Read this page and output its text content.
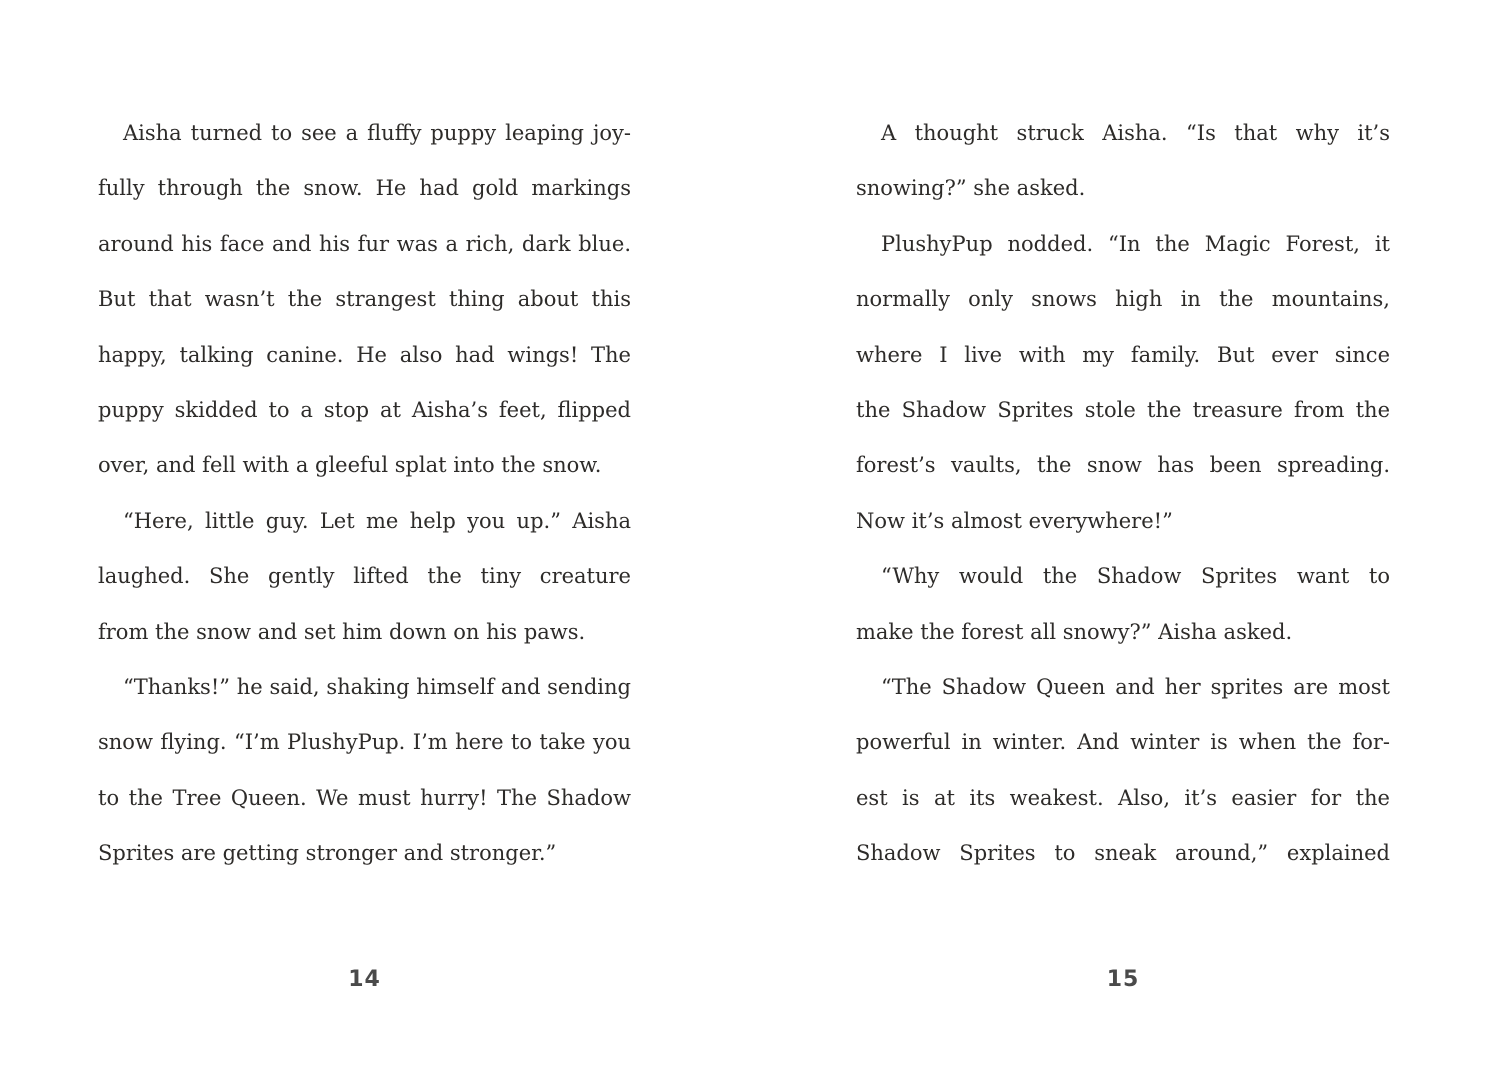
Aisha turned to see a fluffy puppy leaping joy-
fully through the snow. He had gold markings
around his face and his fur was a rich, dark blue.
But that wasn’t the strangest thing about this
happy, talking canine. He also had wings! The
puppy skidded to a stop at Aisha’s feet, flipped
over, and fell with a gleeful splat into the snow.
“Here, little guy. Let me help you up.” Aisha
laughed. She gently lifted the tiny creature
from the snow and set him down on his paws.
“Thanks!” he said, shaking himself and sending
snow flying. “I’m PlushyPup. I’m here to take you
to the Tree Queen. We must hurry! The Shadow
Sprites are getting stronger and stronger.”
A thought struck Aisha. “Is that why it’s
snowing?” she asked.
PlushyPup nodded. “In the Magic Forest, it
normally only snows high in the mountains,
where I live with my family. But ever since
the Shadow Sprites stole the treasure from the
forest’s vaults, the snow has been spreading.
Now it’s almost everywhere!”
“Why would the Shadow Sprites want to
make the forest all snowy?” Aisha asked.
“The Shadow Queen and her sprites are most
powerful in winter. And winter is when the for-
est is at its weakest. Also, it’s easier for the
Shadow Sprites to sneak around,” explained
14	15
